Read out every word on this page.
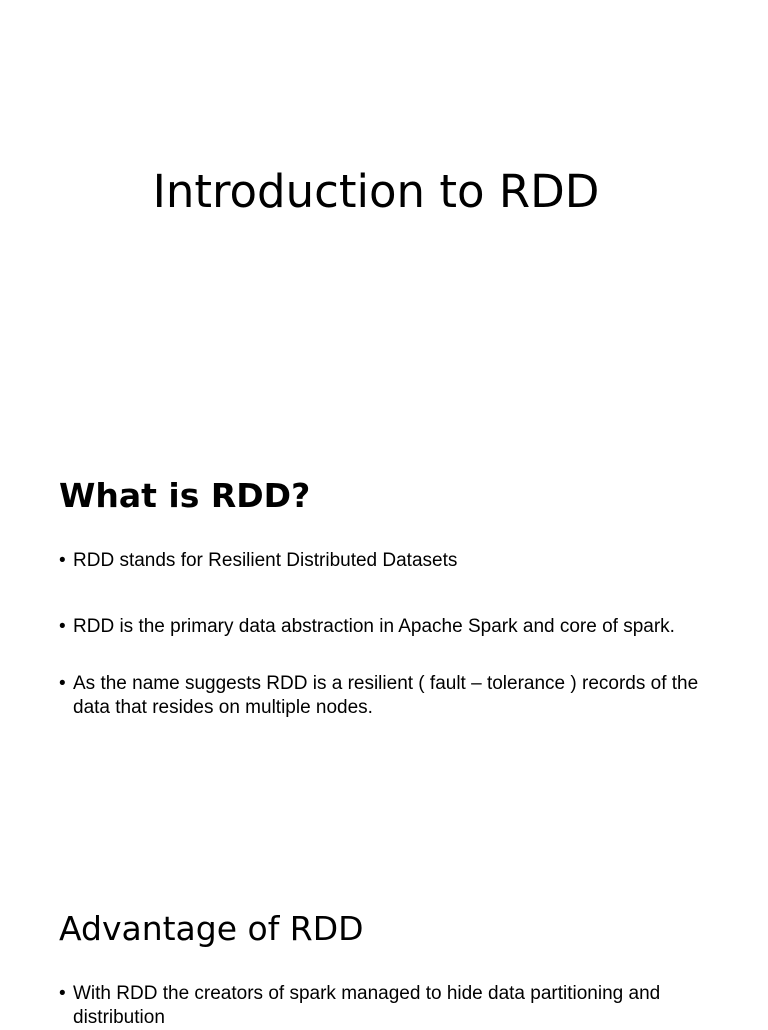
Introduction to RDD
What is RDD?
• RDD stands for Resilient Distributed Datasets
• RDD is the primary data abstraction in Apache Spark and core of spark.
• As the name suggests RDD is a resilient ( fault – tolerance ) records of the data that resides on multiple nodes.
Advantage of RDD
• With RDD the creators of spark managed to hide data partitioning and distribution
